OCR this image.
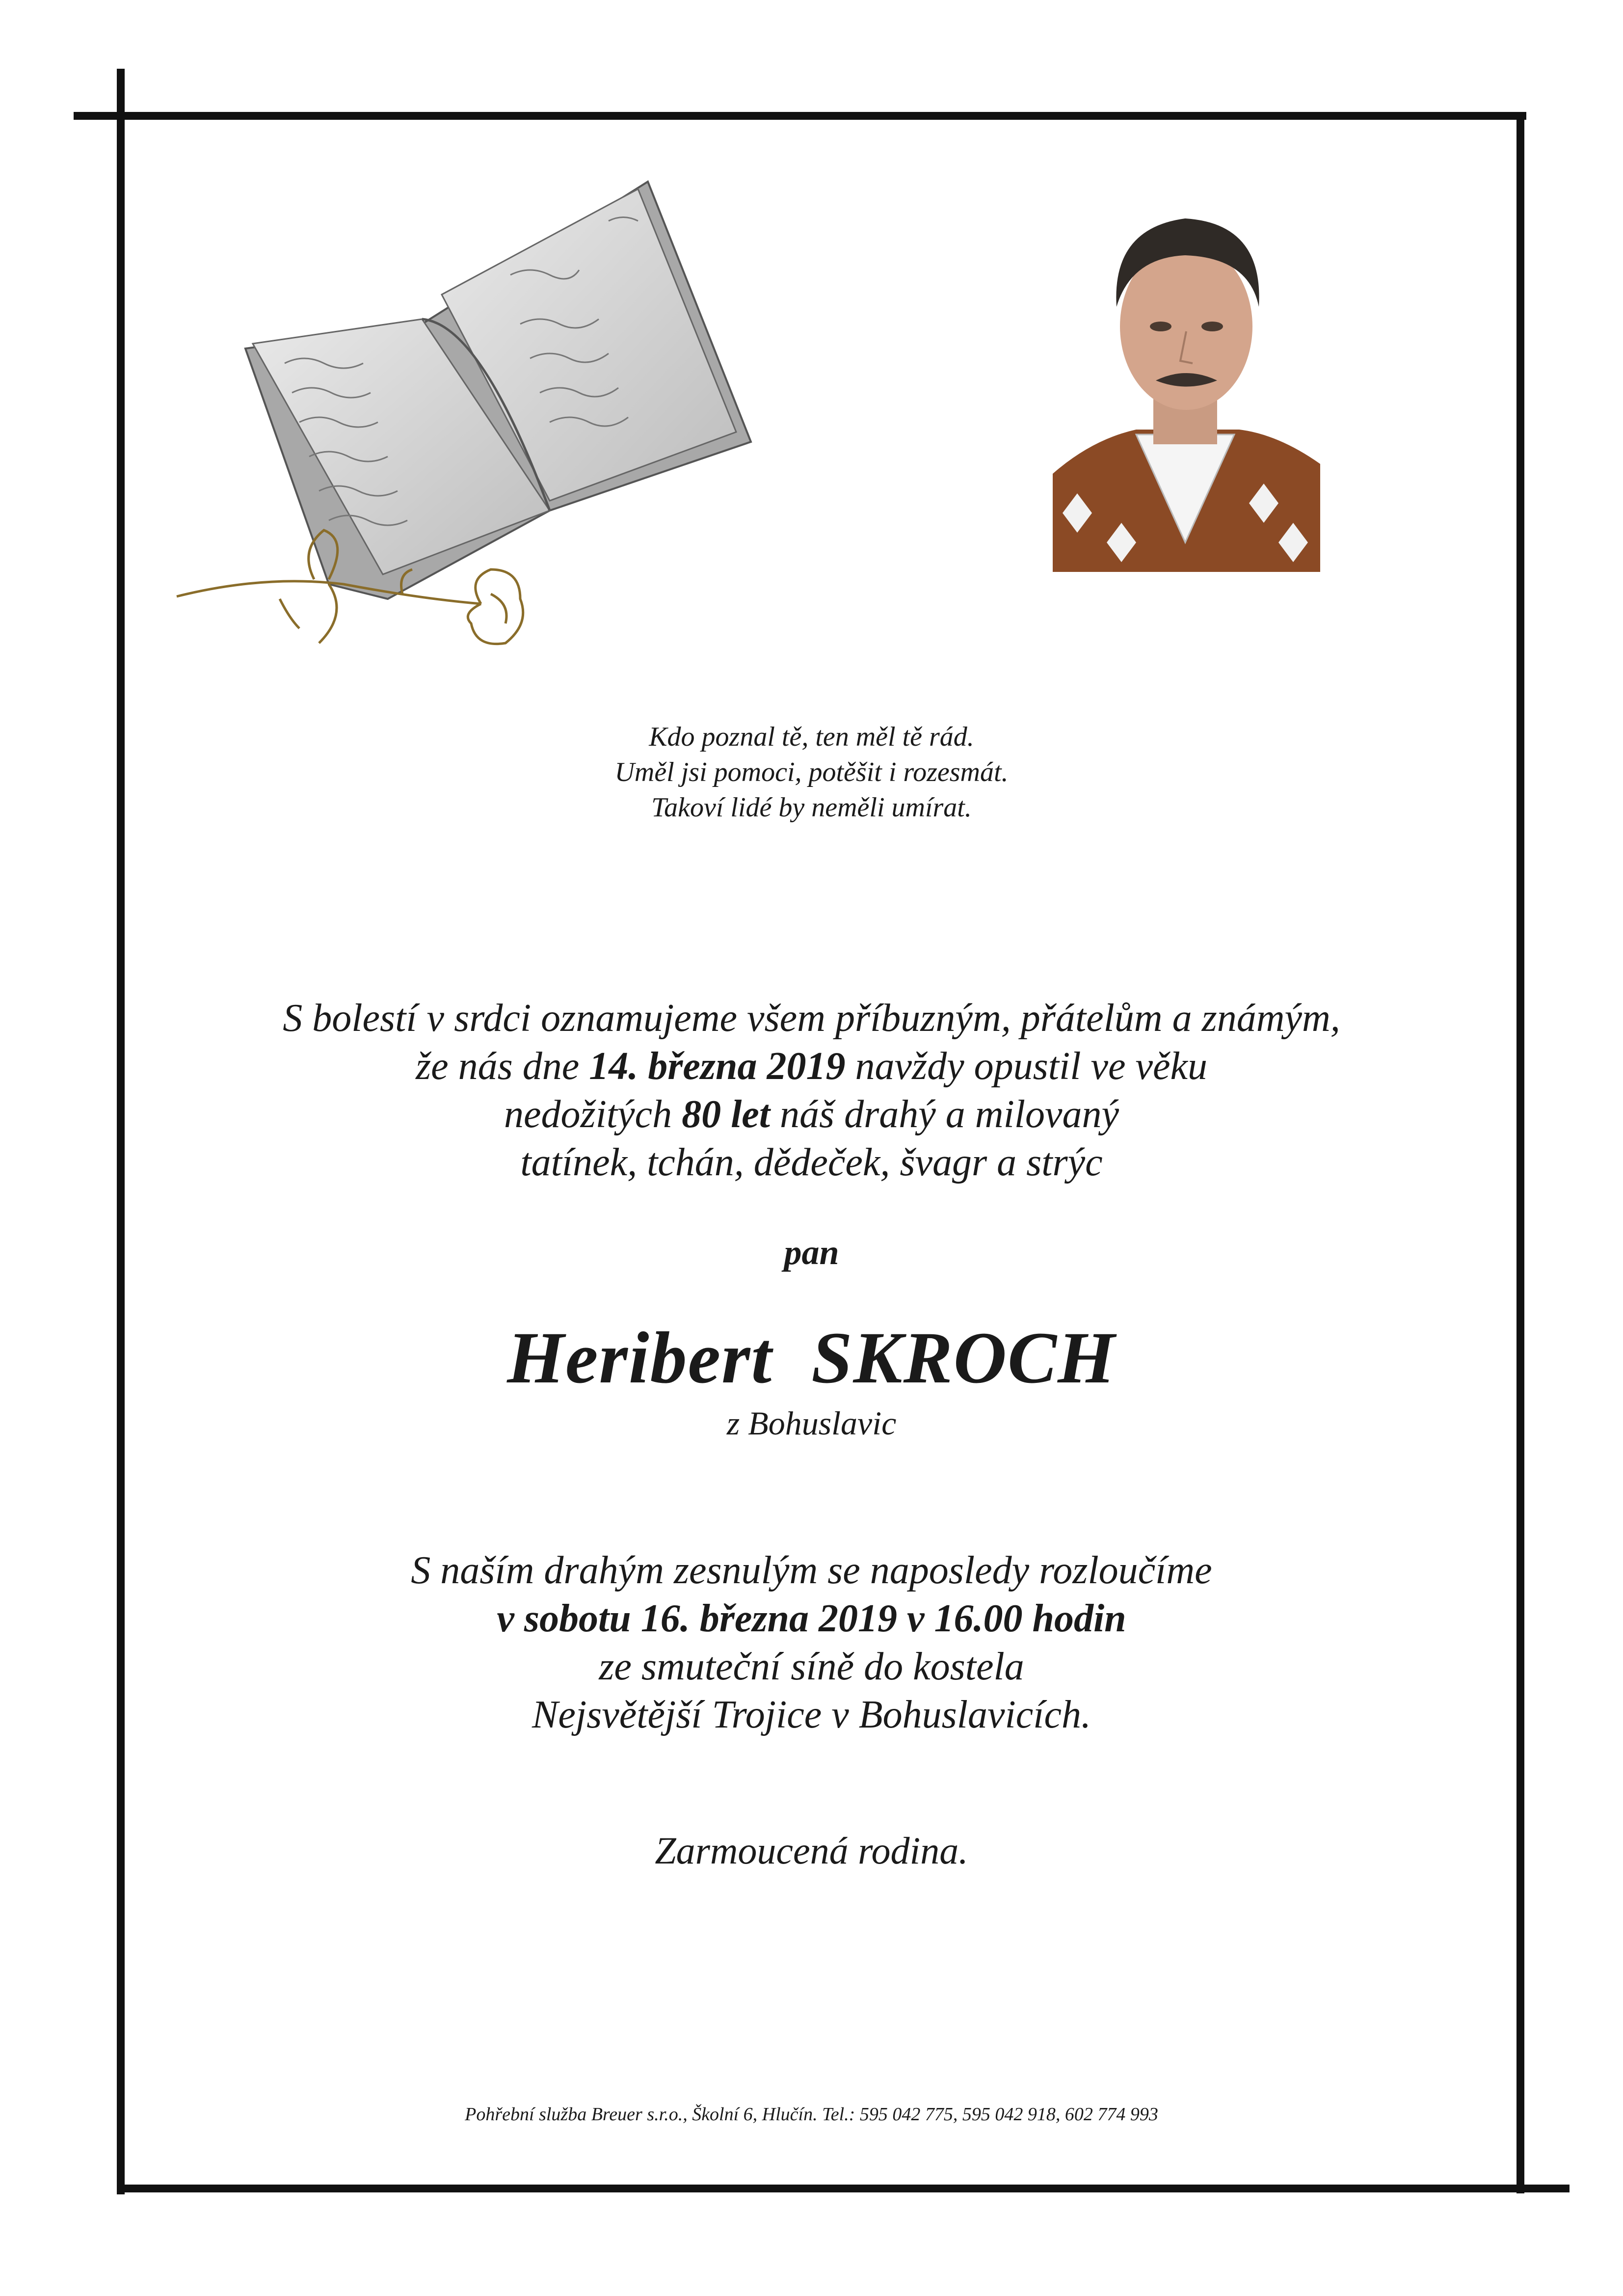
Kdo poznal tě, ten měl tě rád.

Uměl jsi pomoci, potěšit i rozesmát.

Takoví lidé by neměli umírat.

S bolestí v srdci oznamujeme všem příbuzným, přátelům a známým,

že nás dne 14. března 2019 navždy opustil ve věku

nedožitých 80 let náš drahý a milovaný

tatínek, tchán, dědeček, švagr a strýc

pan
Heribert  SKROCH
z Bohuslavic

S naším drahým zesnulým se naposledy rozloučíme

v sobotu 16. března 2019 v 16.00 hodin

ze smuteční síně do kostela

Nejsvětější Trojice v Bohuslavicích.

Zarmoucená rodina.
Pohřební služba Breuer s.r.o., Školní 6, Hlučín. Tel.: 595 042 775, 595 042 918, 602 774 993
